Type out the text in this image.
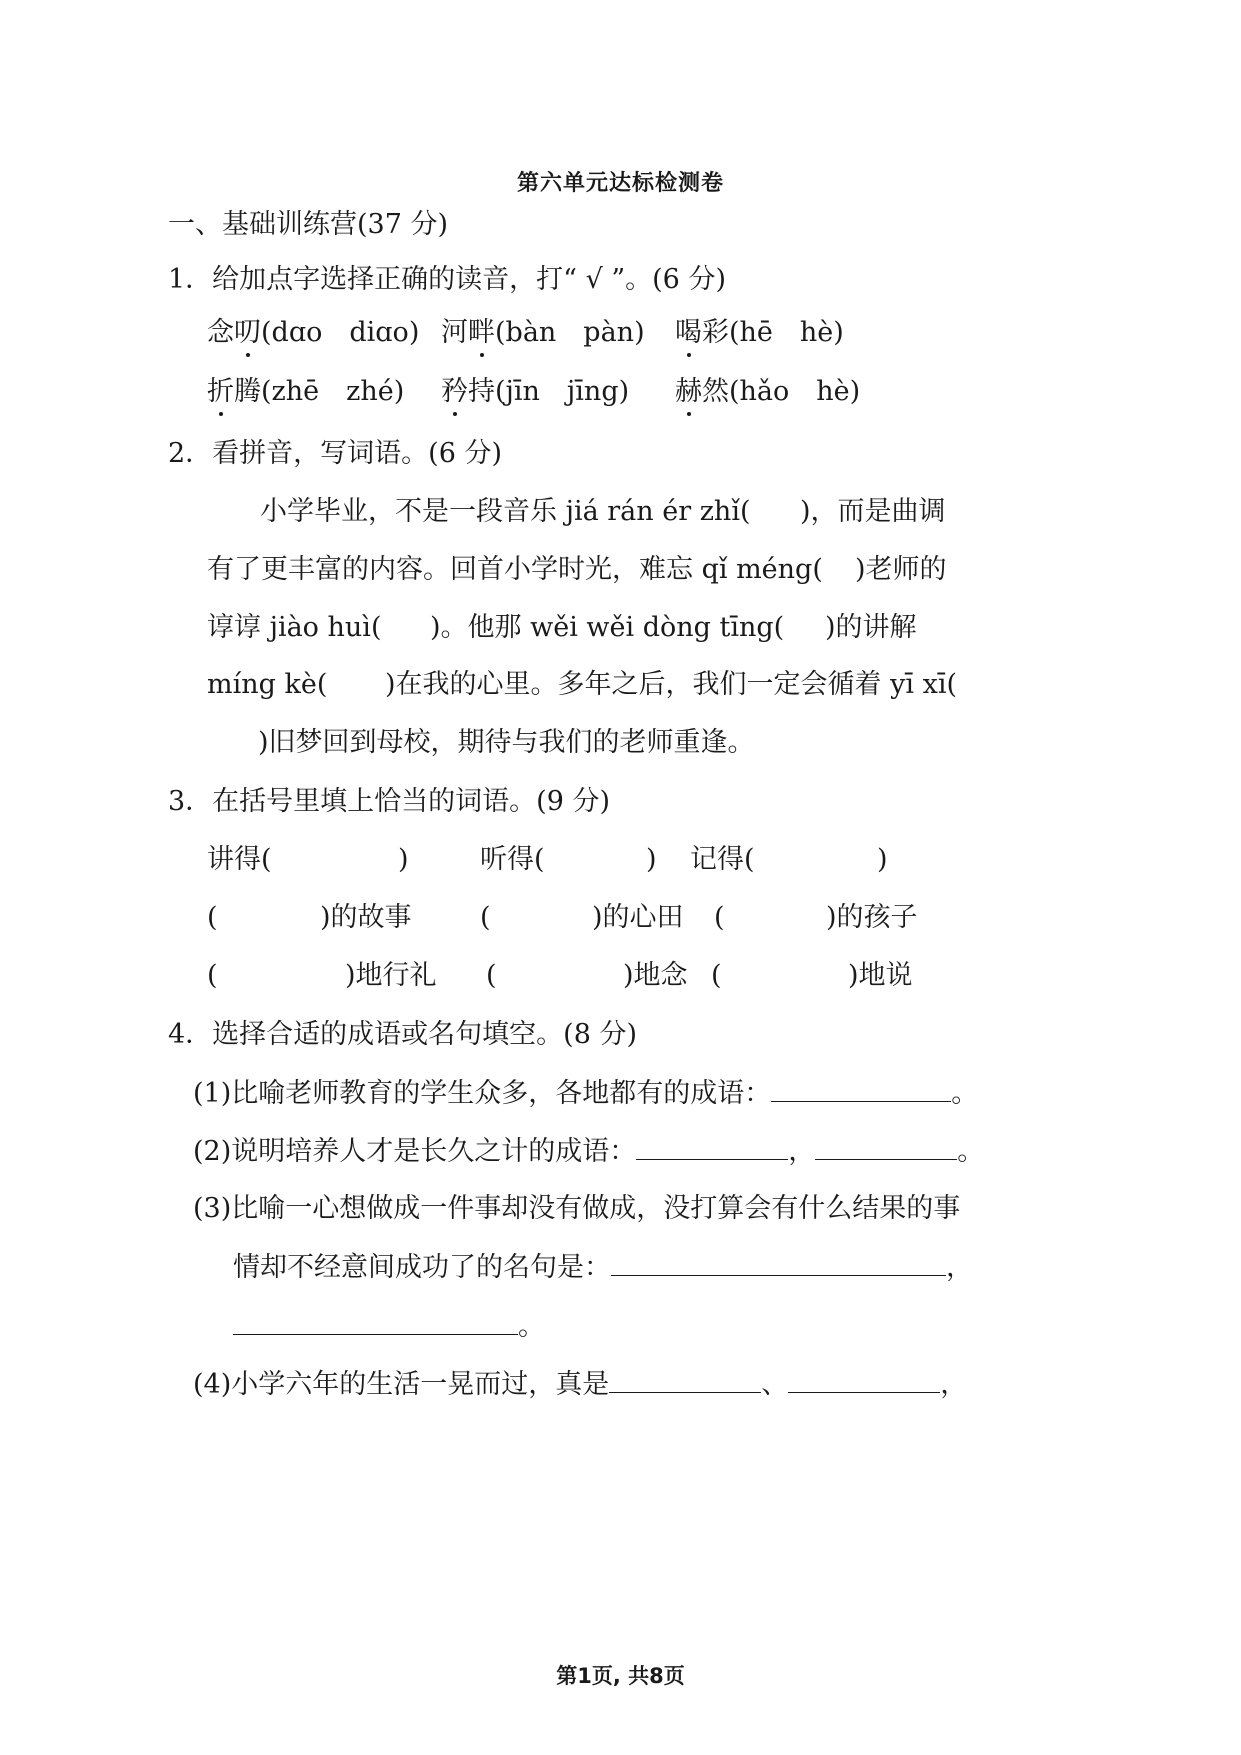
第六单元达标检测卷
一、基础训练营(37 分)
1．给加点字选择正确的读音，打“ √ ”。(6 分)
念叨(dɑo　diɑo) 河畔(bàn　pàn) 喝彩(hē　hè)
折腾(zhē　zhé) 矜持(jīn　jīng) 赫然(hǎo　hè)
2．看拼音，写词语。(6 分)
小学毕业，不是一段音乐 jiá rán ér zhǐ( )，而是曲调
有了更丰富的内容。回首小学时光，难忘 qǐ méng( )老师的
谆谆 jiào huì( )。他那 wěi wěi dòng tīng( )的讲解
míng kè( )在我的心里。多年之后，我们一定会循着 yī xī(
)旧梦回到母校，期待与我们的老师重逢。
3．在括号里填上恰当的词语。(9 分)
讲得(	)	听得(	) 记得(	)
(	)的故事	(	)的心田 (	)的孩子
(	)地行礼 (	)地念 (	)地说
4．选择合适的成语或名句填空。(8 分)
(1)比喻老师教育的学生众多，各地都有的成语：	。
(2)说明培养人才是长久之计的成语：	，	。
(3)比喻一心想做成一件事却没有做成，没打算会有什么结果的事
情却不经意间成功了的名句是：	，
。
(4)小学六年的生活一晃而过，真是	、	，
第1页, 共8页
